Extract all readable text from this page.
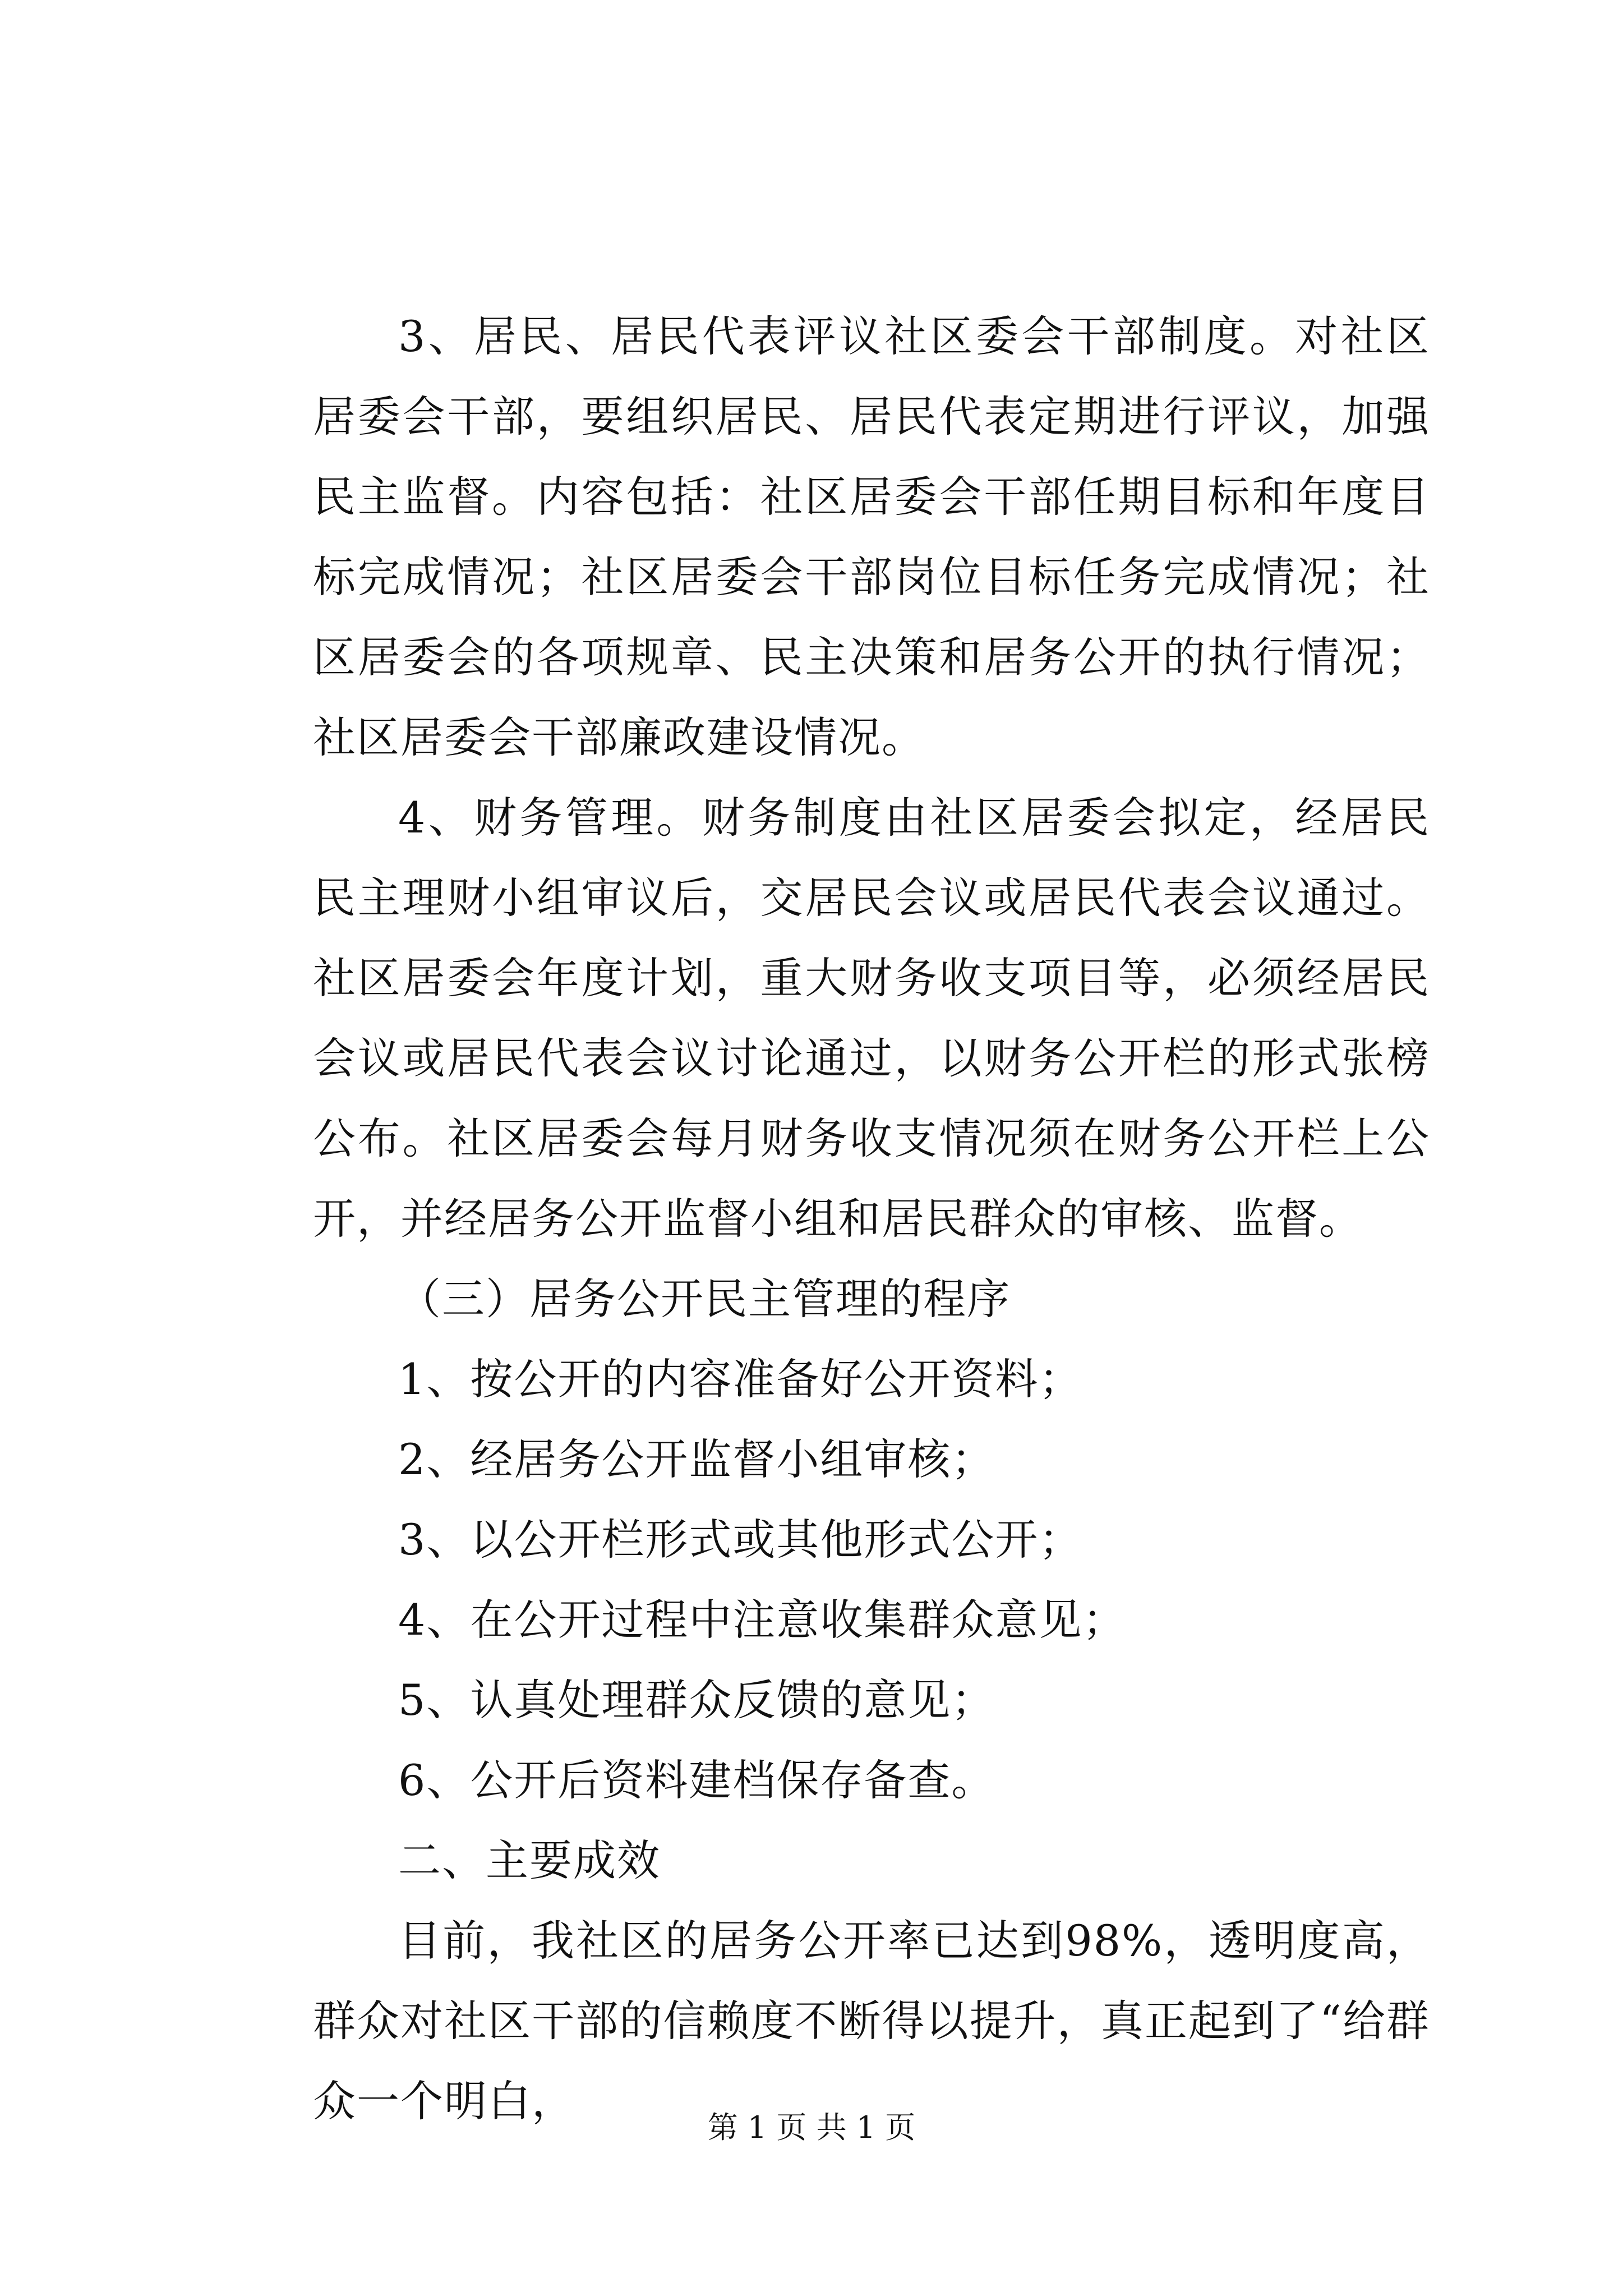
3、居民、居民代表评议社区委会干部制度。对社区居委会干部，要组织居民、居民代表定期进行评议，加强民主监督。内容包括：社区居委会干部任期目标和年度目标完成情况；社区居委会干部岗位目标任务完成情况；社区居委会的各项规章、民主决策和居务公开的执行情况；社区居委会干部廉政建设情况。

4、财务管理。财务制度由社区居委会拟定，经居民民主理财小组审议后，交居民会议或居民代表会议通过。社区居委会年度计划，重大财务收支项目等，必须经居民会议或居民代表会议讨论通过，以财务公开栏的形式张榜公布。社区居委会每月财务收支情况须在财务公开栏上公开，并经居务公开监督小组和居民群众的审核、监督。

（三）居务公开民主管理的程序

1、按公开的内容准备好公开资料；

2、经居务公开监督小组审核；

3、以公开栏形式或其他形式公开；

4、在公开过程中注意收集群众意见；

5、认真处理群众反馈的意见；

6、公开后资料建档保存备查。

二、主要成效

目前，我社区的居务公开率已达到98%，透明度高，群众对社区干部的信赖度不断得以提升，真正起到了“给群众一个明白，

第 1 页 共 1 页
